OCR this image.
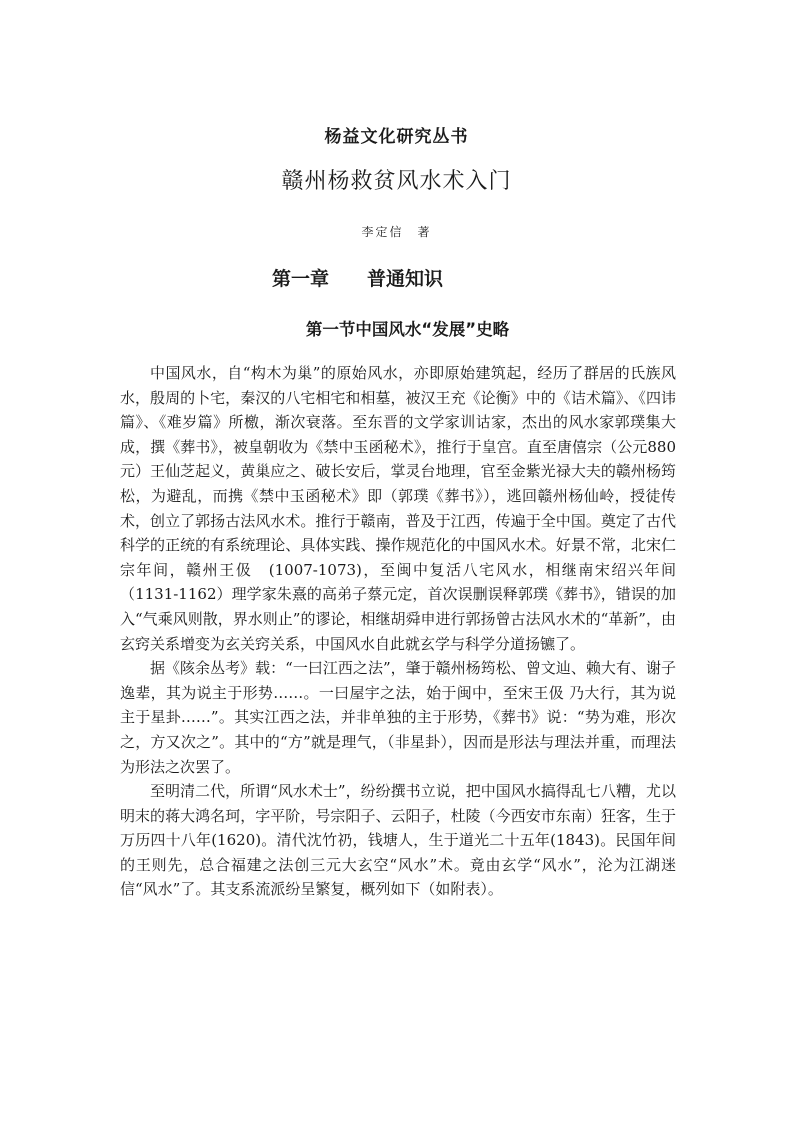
杨益文化研究丛书
赣州杨救贫风水术入门
李定信　著
第一章　　普通知识
第一节中国风水“发展”史略

中国风水，自“构木为巢”的原始风水，亦即原始建筑起，经历了群居的氏族风水，殷周的卜宅，秦汉的八宅相宅和相墓，被汉王充《论衡》中的《诘术篇》、《四讳篇》、《难岁篇》所檄，渐次衰落。至东晋的文学家训诂家，杰出的风水家郭璞集大成，撰《葬书》，被皇朝收为《禁中玉函秘术》，推行于皇宫。直至唐僖宗（公元880元）王仙芝起义，黄巢应之、破长安后，掌灵台地理，官至金紫光禄大夫的赣州杨筠松，为避乱，而携《禁中玉函秘术》即（郭璞《葬书》），逃回赣州杨仙岭，授徒传术，创立了郭扬古法风水术。推行于赣南，普及于江西，传遍于全中国。奠定了古代科学的正统的有系统理论、具体实践、操作规范化的中国风水术。好景不常，北宋仁宗年间，赣州王伋　(1007-1073)，至闽中复活八宅风水，相继南宋绍兴年间（1131-1162）理学家朱熹的高弟子蔡元定，首次误删误释郭璞《葬书》，错误的加入“气乘风则散，界水则止”的谬论，相继胡舜申进行郭扬曾古法风水术的“革新”，由玄窍关系增变为玄关窍关系，中国风水自此就玄学与科学分道扬镳了。

据《陔余丛考》载：“一曰江西之法”，肇于赣州杨筠松、曾文辿、赖大有、谢子逸辈，其为说主于形势……。一曰屋宇之法，始于闽中，至宋王伋 乃大行，其为说主于星卦……”。其实江西之法，并非单独的主于形势，《葬书》说：“势为难，形次之，方又次之”。其中的“方”就是理气，（非星卦），因而是形法与理法并重，而理法为形法之次罢了。

至明清二代，所谓“风水术士”，纷纷撰书立说，把中国风水搞得乱七八糟，尤以明末的蒋大鸿名珂，字平阶，号宗阳子、云阳子，杜陵（今西安市东南）狂客，生于万历四十八年(1620)。清代沈竹礽，钱塘人，生于道光二十五年(1843)。民国年间的王则先，总合福建之法创三元大玄空“风水”术。竟由玄学“风水”，沦为江湖迷信“风水”了。其支系流派纷呈繁复，概列如下（如附表）。
